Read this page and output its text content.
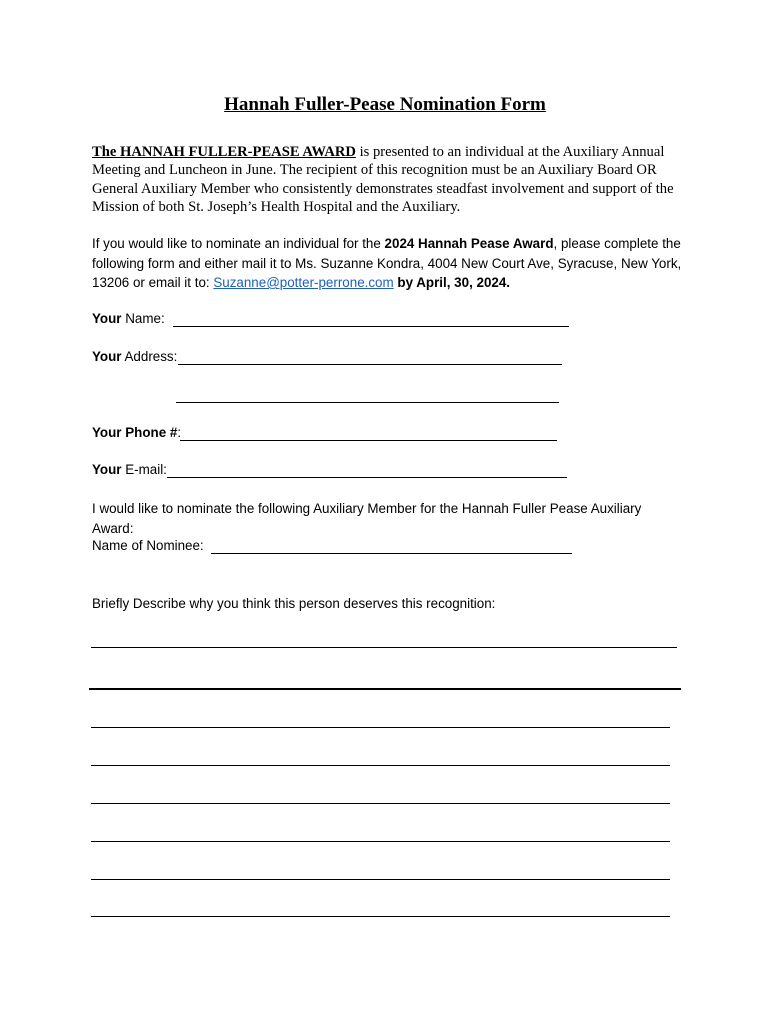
Hannah Fuller-Pease Nomination Form
The HANNAH FULLER-PEASE AWARD is presented to an individual at the Auxiliary Annual Meeting and Luncheon in June. The recipient of this recognition must be an Auxiliary Board OR General Auxiliary Member who consistently demonstrates steadfast involvement and support of the Mission of both St. Joseph’s Health Hospital and the Auxiliary.
If you would like to nominate an individual for the 2024 Hannah Pease Award, please complete the following form and either mail it to Ms. Suzanne Kondra, 4004 New Court Ave, Syracuse, New York, 13206 or email it to: Suzanne@potter-perrone.com by April, 30, 2024.
Your Name:
Your Address:
Your Phone #:
Your E-mail:
I would like to nominate the following Auxiliary Member for the Hannah Fuller Pease Auxiliary Award:
Name of Nominee:
Briefly Describe why you think this person deserves this recognition:
